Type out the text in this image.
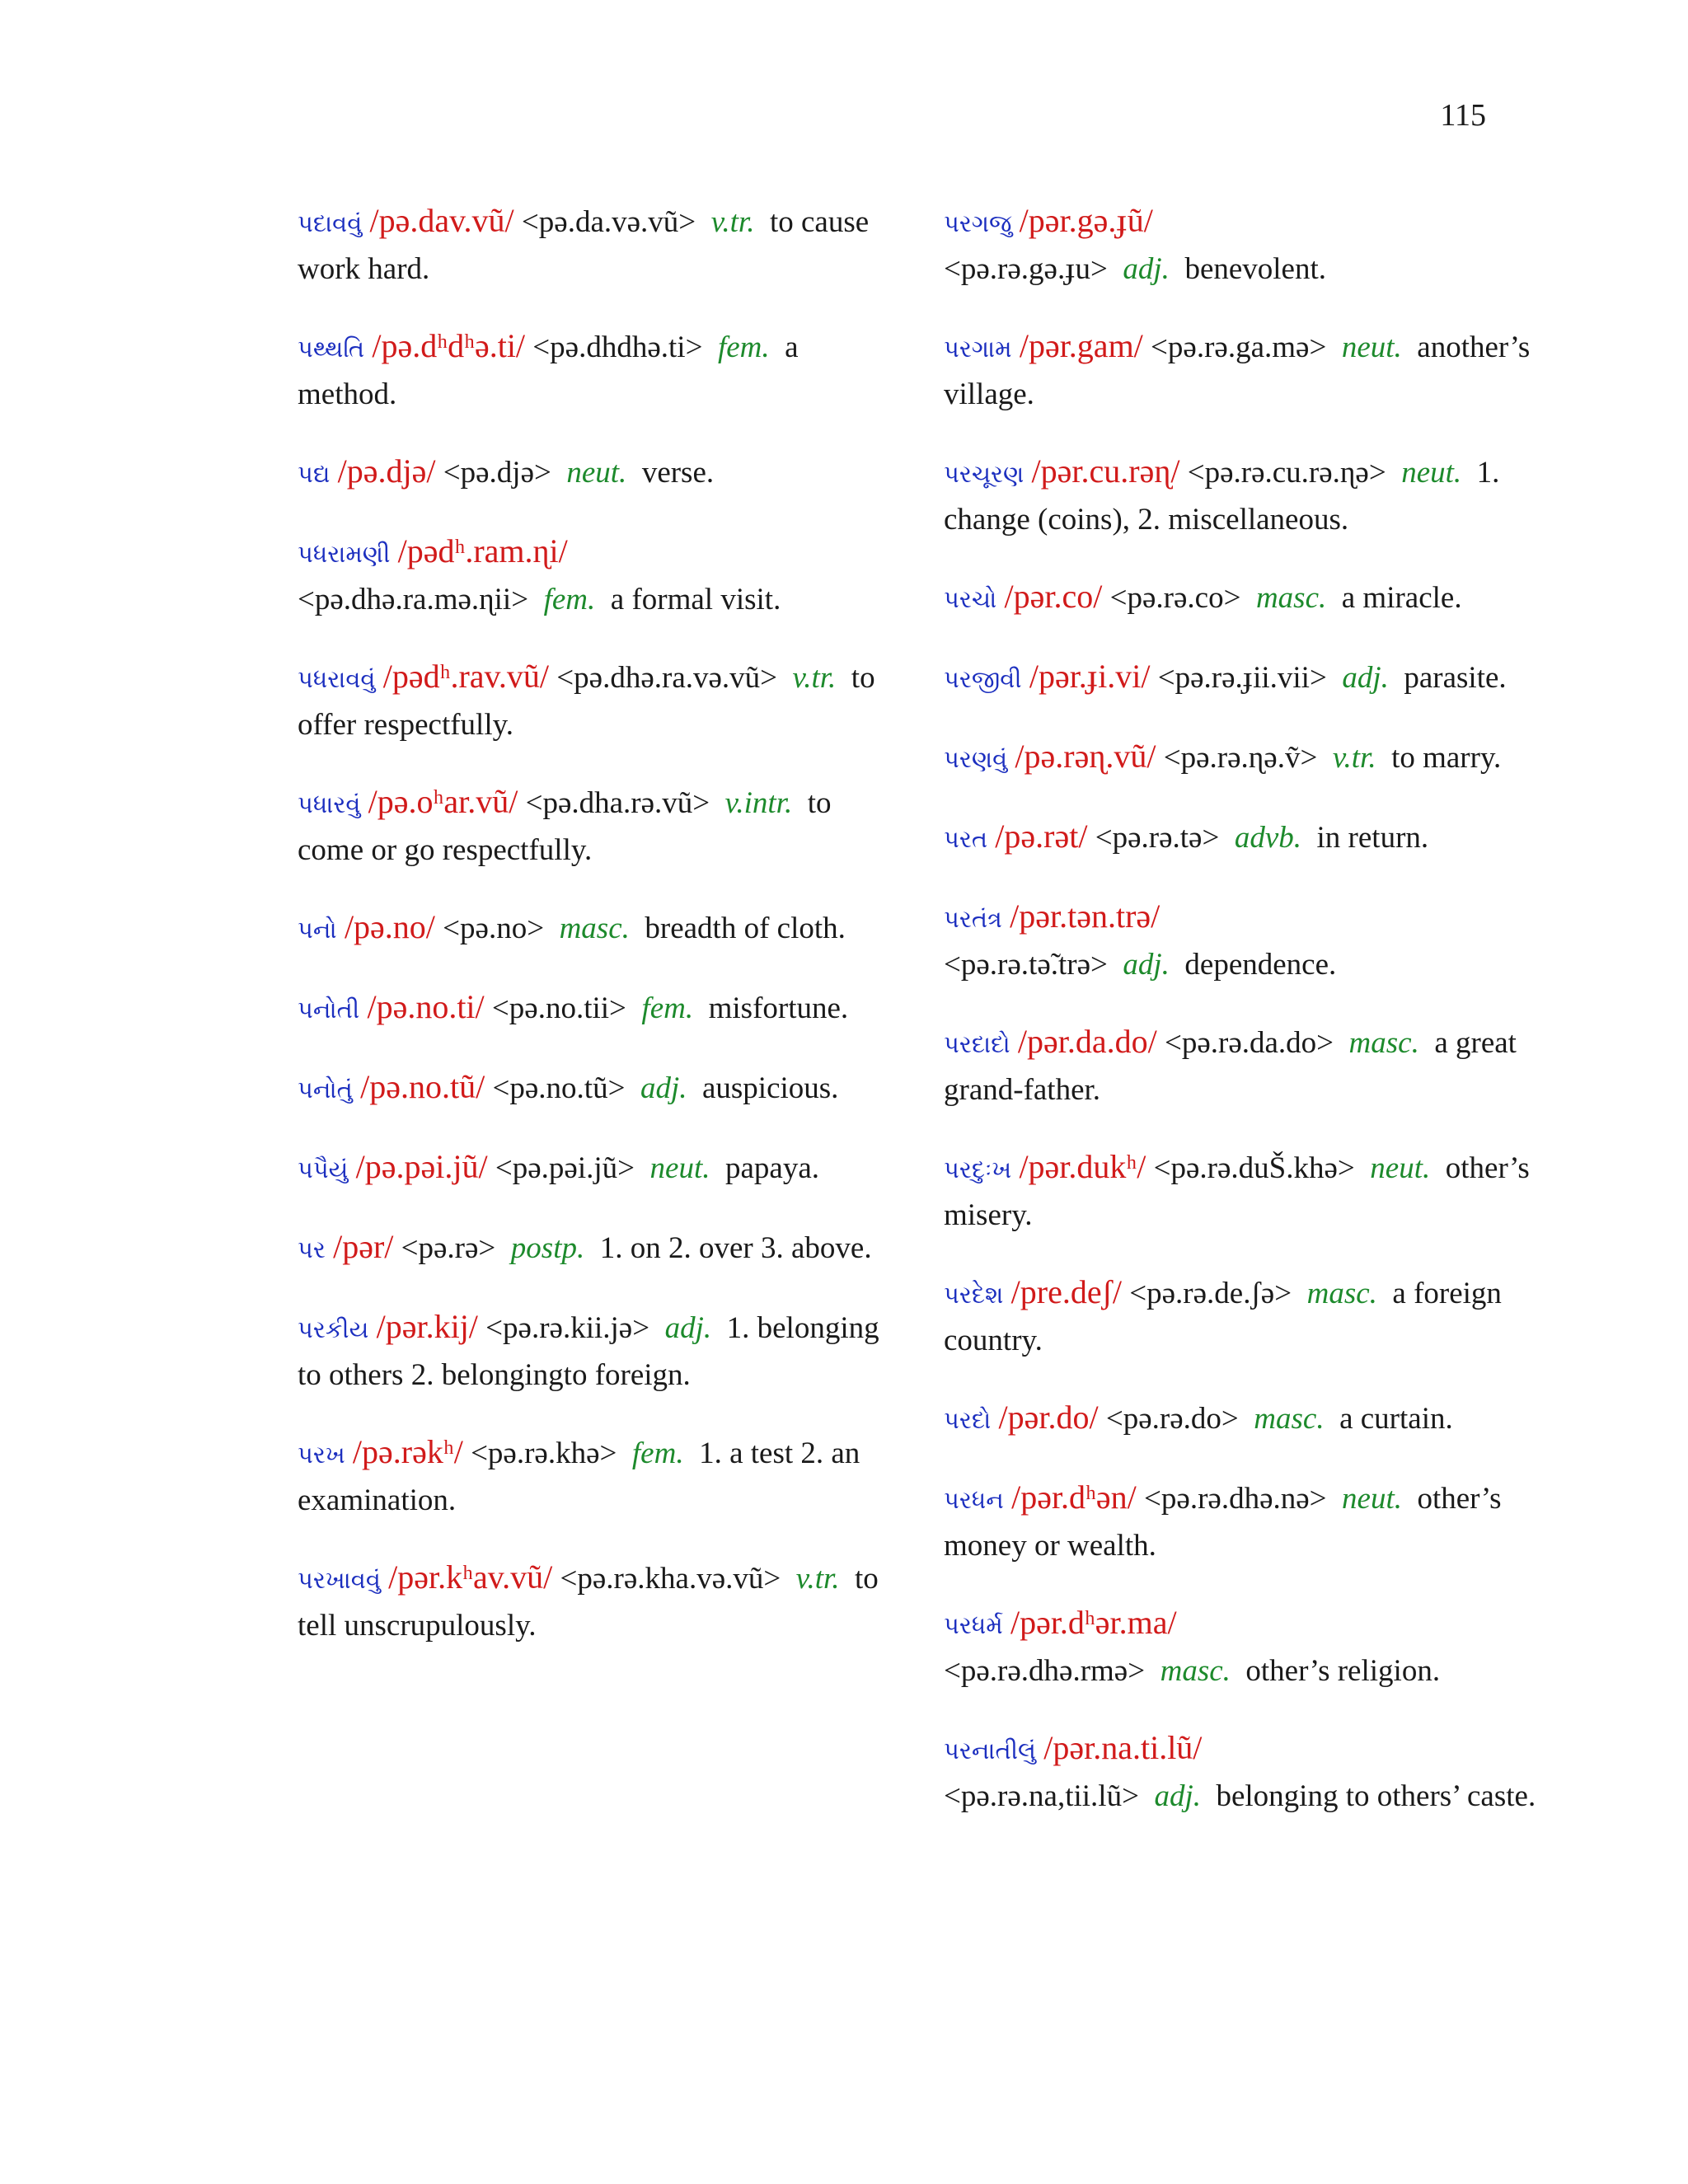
115
પદાવવું /pə.dav.vũ/ <pə.da.və.vũ> v.tr. to cause work hard.
પથ્થતિ /pə.dʰdʰə.ti/ <pə.dhdhə.ti> fem. a method.
પદ્ય /pə.djə/ <pə.djə> neut. verse.
પધરામણી /pədʰ.ram.ɳi/ <pə.dhə.ra.mə.ɳii> fem. a formal visit.
પધરાવવું /pədʰ.rav.vũ/ <pə.dhə.ra.və.vũ> v.tr. to offer respectfully.
પધારવું /pə.oʰar.vũ/ <pə.dha.rə.vũ> v.intr. to come or go respectfully.
પનો /pə.no/ <pə.no> masc. breadth of cloth.
પનોતી /pə.no.ti/ <pə.no.tii> fem. misfortune.
પનોતું /pə.no.tũ/ <pə.no.tũ> adj. auspicious.
પપૈયું /pə.pəi.jũ/ <pə.pəi.jũ> neut. papaya.
પર /pər/ <pə.rə> postp. 1. on 2. over 3. above.
પરકીય /pər.kij/ <pə.rə.kii.jə> adj. 1. belonging to others 2. belongingto foreign.
પરખ /pə.rəkʰ/ <pə.rə.khə> fem. 1. a test 2. an examination.
પરખાવવું /pər.kʰav.vũ/ <pə.rə.kha.və.vũ> v.tr. to tell unscrupulously.
પરગજુ /pər.gə.ɟũ/ <pə.rə.gə.ɟu> adj. benevolent.
પરગામ /pər.gam/ <pə.rə.ga.mə> neut. another’s village.
પરચૂરણ /pər.cu.rəɳ/ <pə.rə.cu.rə.ɳə> neut. 1. change (coins), 2. miscellaneous.
પરચો /pər.co/ <pə.rə.co> masc. a miracle.
પરજીવી /pər.ɟi.vi/ <pə.rə.ɟii.vii> adj. parasite.
પરણવું /pə.rəɳ.vũ/ <pə.rə.ɳə.ṽ> v.tr. to marry.
પરત /pə.rət/ <pə.rə.tə> advb. in return.
પરતંત્ર /pər.tən.trə/ <pə.rə.tə̃.trə> adj. dependence.
પરદાદો /pər.da.do/ <pə.rə.da.do> masc. a great grand-father.
પરદુઃખ /pər.dukʰ/ <pə.rə.duŠ.khə> neut. other’s misery.
પરદેશ /pre.deʃ/ <pə.rə.de.ʃə> masc. a foreign country.
પરદો /pər.do/ <pə.rə.do> masc. a curtain.
પરધન /pər.dʰən/ <pə.rə.dhə.nə> neut. other’s money or wealth.
પરધર્મ /pər.dʰər.ma/ <pə.rə.dhə.rmə> masc. other’s religion.
પરનાતીલું /pər.na.ti.lũ/ <pə.rə.na,tii.lũ> adj. belonging to others’ caste.
